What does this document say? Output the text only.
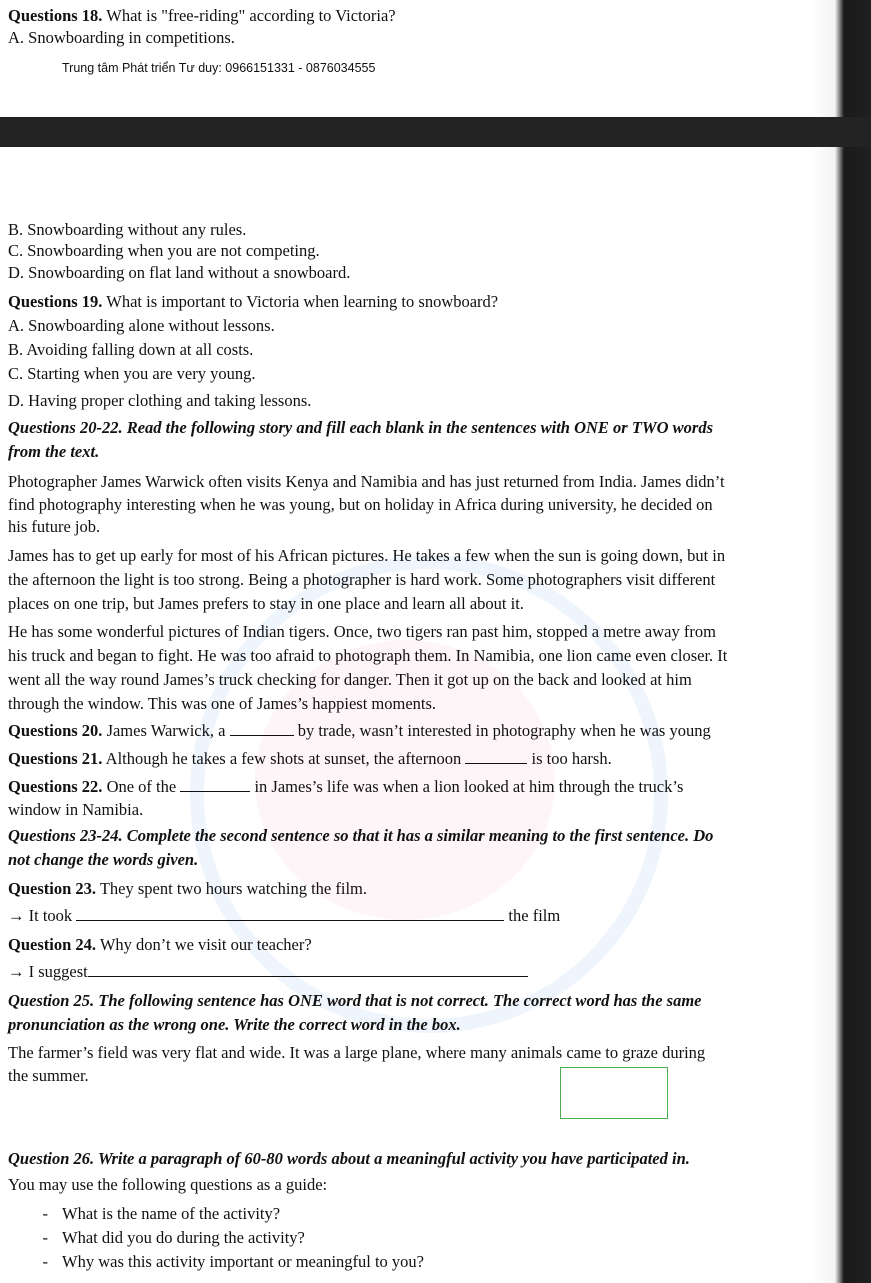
Questions 18. What is "free-riding" according to Victoria?
A. Snowboarding in competitions.
Trung tâm Phát triển Tư duy: 0966151331 - 0876034555
B. Snowboarding without any rules.
C. Snowboarding when you are not competing.
D. Snowboarding on flat land without a snowboard.
Questions 19. What is important to Victoria when learning to snowboard?
A. Snowboarding alone without lessons.
B. Avoiding falling down at all costs.
C. Starting when you are very young.
D. Having proper clothing and taking lessons.
Questions 20-22. Read the following story and fill each blank in the sentences with ONE or TWO words
from the text.
Photographer James Warwick often visits Kenya and Namibia and has just returned from India. James didn’t
find photography interesting when he was young, but on holiday in Africa during university, he decided on
his future job.
James has to get up early for most of his African pictures. He takes a few when the sun is going down, but in
the afternoon the light is too strong. Being a photographer is hard work. Some photographers visit different
places on one trip, but James prefers to stay in one place and learn all about it.
He has some wonderful pictures of Indian tigers. Once, two tigers ran past him, stopped a metre away from
his truck and began to fight. He was too afraid to photograph them. In Namibia, one lion came even closer. It
went all the way round James’s truck checking for danger. Then it got up on the back and looked at him
through the window. This was one of James’s happiest moments.
Questions 20. James Warwick, a	by trade, wasn’t interested in photography when he was young
Questions 21. Although he takes a few shots at sunset, the afternoon	is too harsh.
Questions 22. One of the	in James’s life was when a lion looked at him through the truck’s
window in Namibia.
Questions 23-24. Complete the second sentence so that it has a similar meaning to the first sentence. Do
not change the words given.
Question 23. They spent two hours watching the film.
→ It took	the film
Question 24. Why don’t we visit our teacher?
→ I suggest
Question 25. The following sentence has ONE word that is not correct. The correct word has the same
pronunciation as the wrong one. Write the correct word in the box.
The farmer’s field was very flat and wide. It was a large plane, where many animals came to graze during
the summer.
Question 26. Write a paragraph of 60-80 words about a meaningful activity you have participated in.
You may use the following questions as a guide:
- What is the name of the activity?
- What did you do during the activity?
- Why was this activity important or meaningful to you?
